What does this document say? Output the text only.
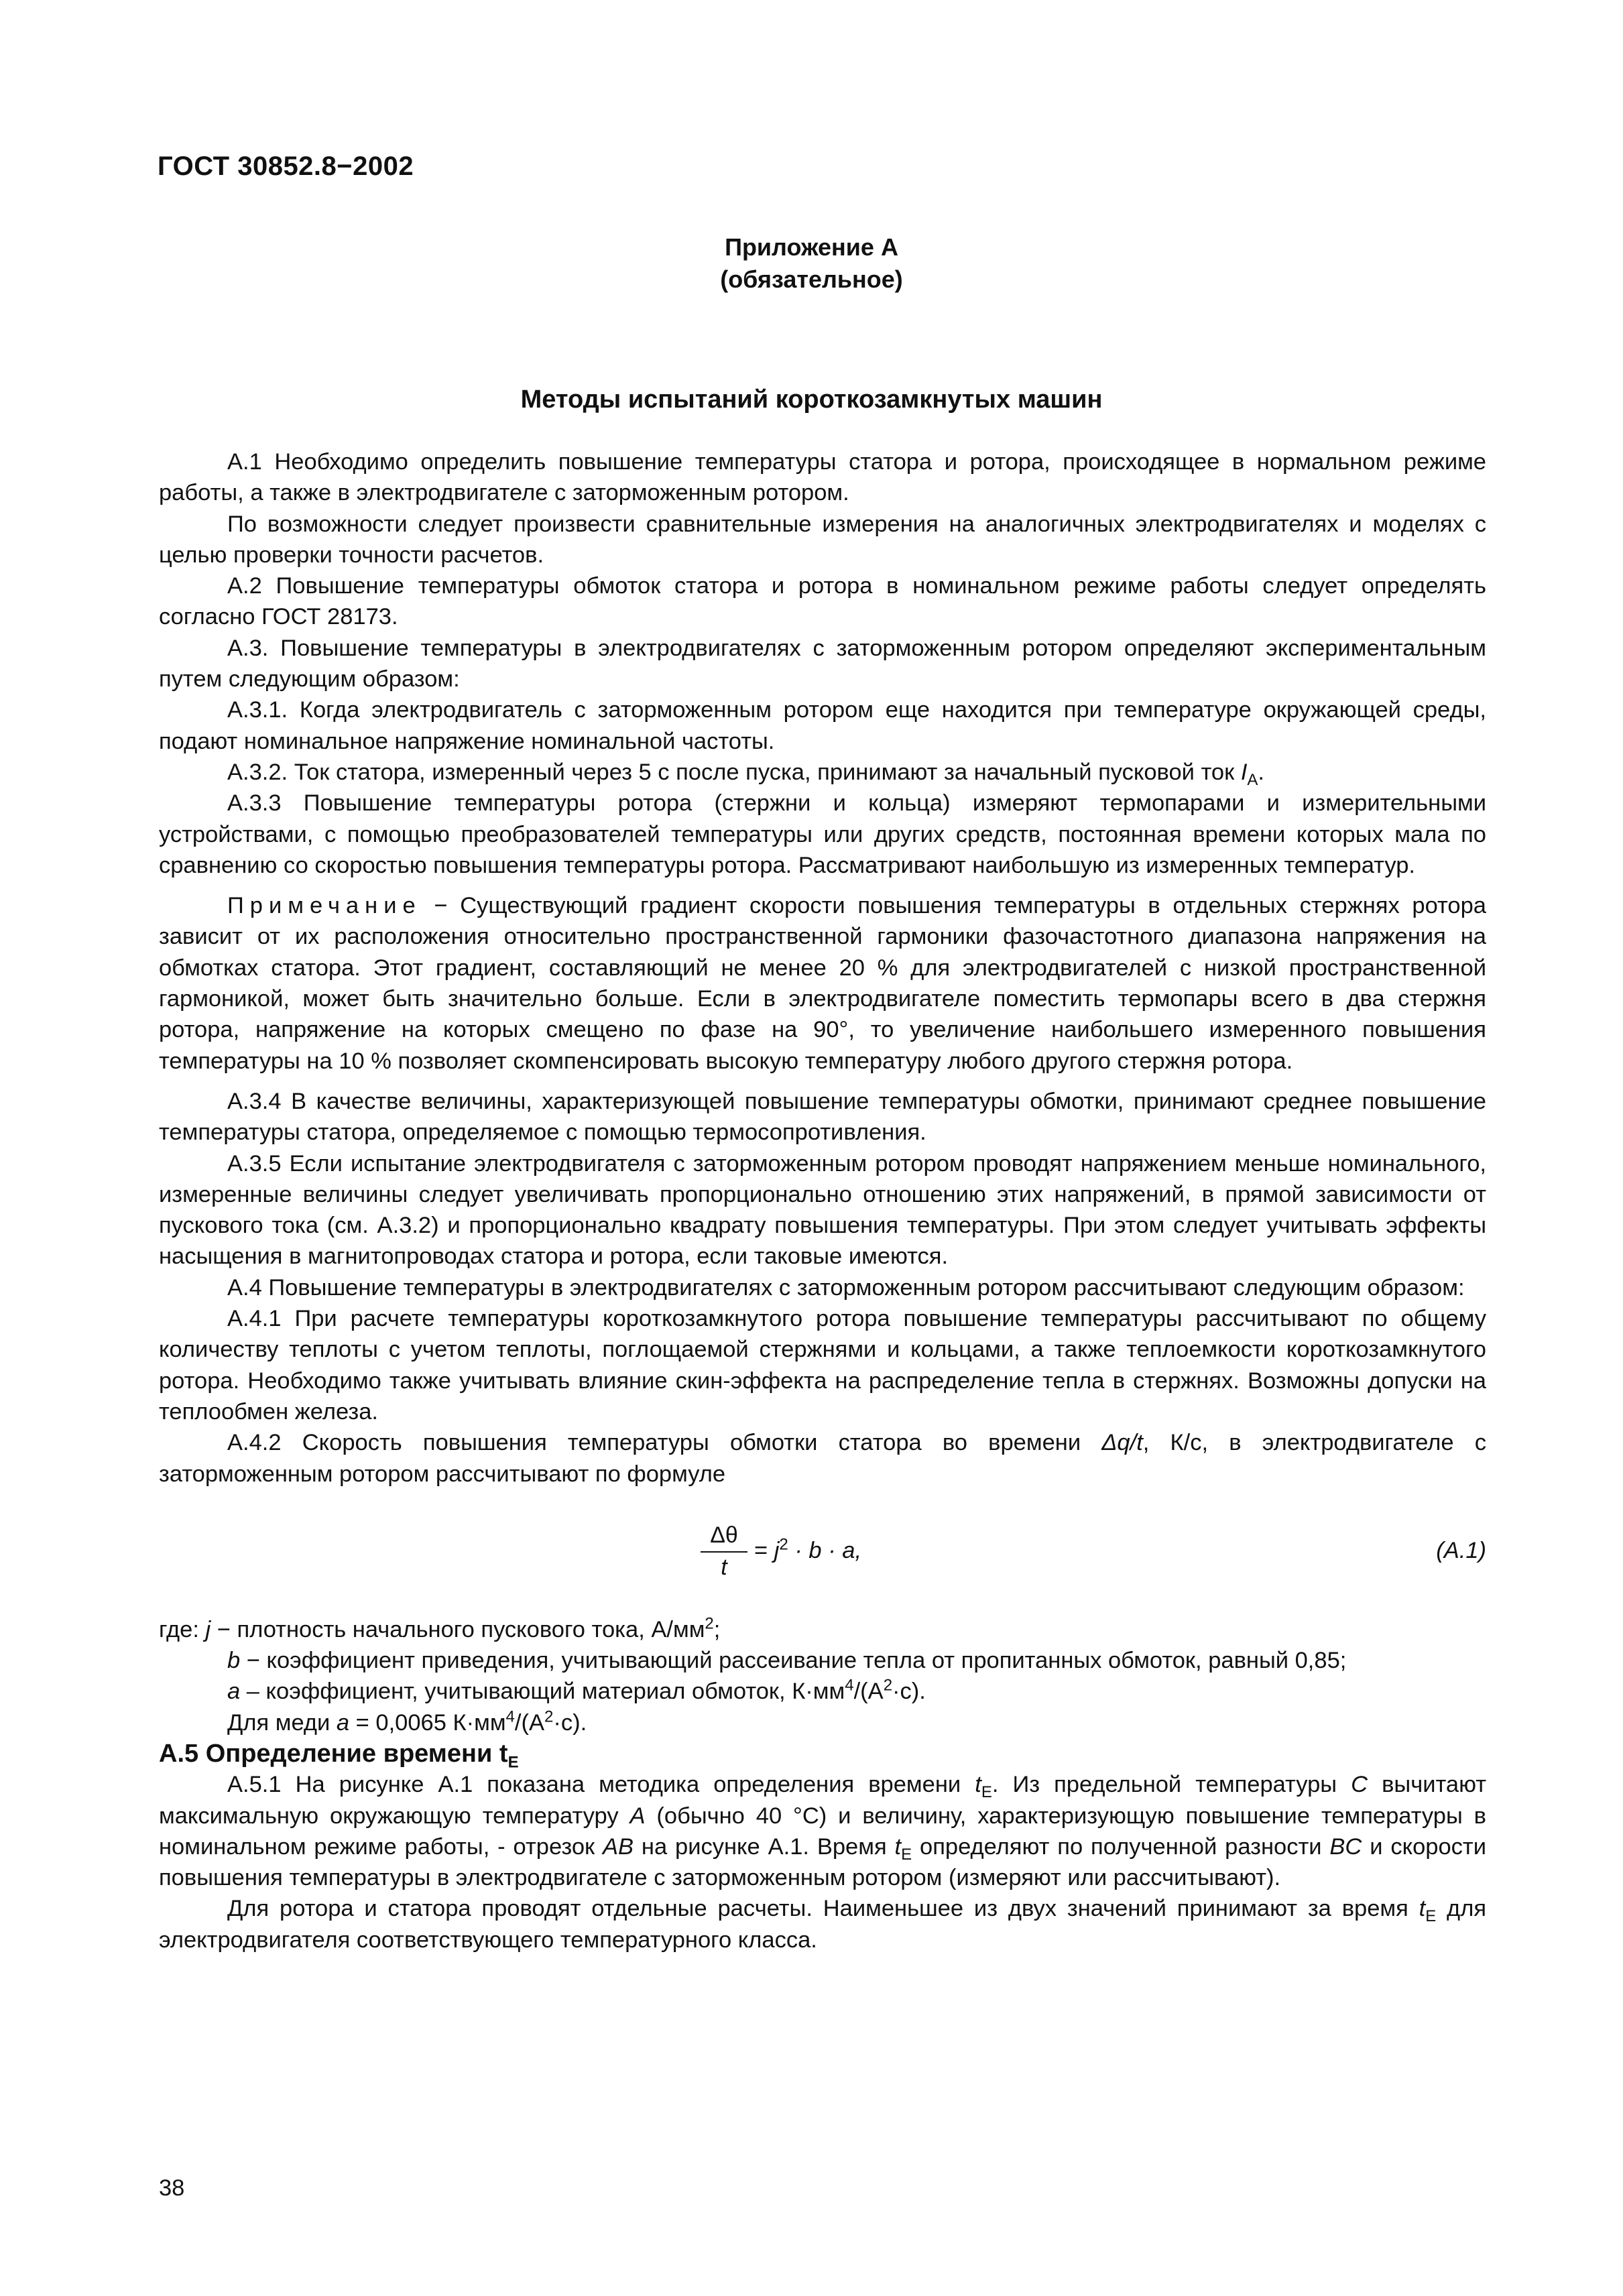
ГОСТ 30852.8−2002
Приложение А
(обязательное)
Методы испытаний короткозамкнутых машин

А.1 Необходимо определить повышение температуры статора и ротора, происходящее в нормальном режиме работы, а также в электродвигателе с заторможенным ротором.

По возможности следует произвести сравнительные измерения на аналогичных электродвигателях и моделях с целью проверки точности расчетов.

А.2 Повышение температуры обмоток статора и ротора в номинальном режиме работы следует определять согласно ГОСТ 28173.

А.3. Повышение температуры в электродвигателях с заторможенным ротором определяют экспериментальным путем следующим образом:

А.3.1. Когда электродвигатель с заторможенным ротором еще находится при температуре окружающей среды, подают номинальное напряжение номинальной частоты.

А.3.2. Ток статора, измеренный через 5 с после пуска, принимают за начальный пусковой ток $I_A$.

А.3.3 Повышение температуры ротора (стержни и кольца) измеряют термопарами и измерительными устройствами, с помощью преобразователей температуры или других средств, постоянная времени которых мала по сравнению со скоростью повышения температуры ротора. Рассматривают наибольшую из измеренных температур.

Примечание − Существующий градиент скорости повышения температуры в отдельных стержнях ротора зависит от их расположения относительно пространственной гармоники фазочастотного диапазона напряжения на обмотках статора. Этот градиент, составляющий не менее 20 % для электродвигателей с низкой пространственной гармоникой, может быть значительно больше. Если в электродвигателе поместить термопары всего в два стержня ротора, напряжение на которых смещено по фазе на 90°, то увеличение наибольшего измеренного повышения температуры на 10 % позволяет скомпенсировать высокую температуру любого другого стержня ротора.

А.3.4 В качестве величины, характеризующей повышение температуры обмотки, принимают среднее повышение температуры статора, определяемое с помощью термосопротивления.

А.3.5 Если испытание электродвигателя с заторможенным ротором проводят напряжением меньше номинального, измеренные величины следует увеличивать пропорционально отношению этих напряжений, в прямой зависимости от пускового тока (см. А.3.2) и пропорционально квадрату повышения температуры. При этом следует учитывать эффекты насыщения в магнитопроводах статора и ротора, если таковые имеются.

А.4 Повышение температуры в электродвигателях с заторможенным ротором рассчитывают следующим образом:

А.4.1 При расчете температуры короткозамкнутого ротора повышение температуры рассчитывают по общему количеству теплоты с учетом теплоты, поглощаемой стержнями и кольцами, а также теплоемкости короткозамкнутого ротора. Необходимо также учитывать влияние скин-эффекта на распределение тепла в стержнях. Возможны допуски на теплообмен железа.

А.4.2 Скорость повышения температуры обмотки статора во времени Δq/t, К/с, в электродвигателе с заторможенным ротором рассчитывают по формуле

$\frac{\Delta\theta}{t} = j^2 \cdot b \cdot a$,	(A.1)

где: j − плотность начального пускового тока, $А/мм^2$;

b − коэффициент приведения, учитывающий рассеивание тепла от пропитанных обмоток, равный 0,85;

a – коэффициент, учитывающий материал обмоток, $К\cdot мм^4/(А^2\cdot с)$.

Для меди a = 0,0065 $К\cdot мм^4/(А^2\cdot с)$.

А.5 Определение времени $t_E$

А.5.1 На рисунке А.1 показана методика определения времени $t_E$. Из предельной температуры C вычитают максимальную окружающую температуру A (обычно 40 °С) и величину, характеризующую повышение температуры в номинальном режиме работы, - отрезок AB на рисунке А.1. Время $t_E$ определяют по полученной разности BC и скорости повышения температуры в электродвигателе с заторможенным ротором (измеряют или рассчитывают).

Для ротора и статора проводят отдельные расчеты. Наименьшее из двух значений принимают за время $t_E$ для электродвигателя соответствующего температурного класса.

38
